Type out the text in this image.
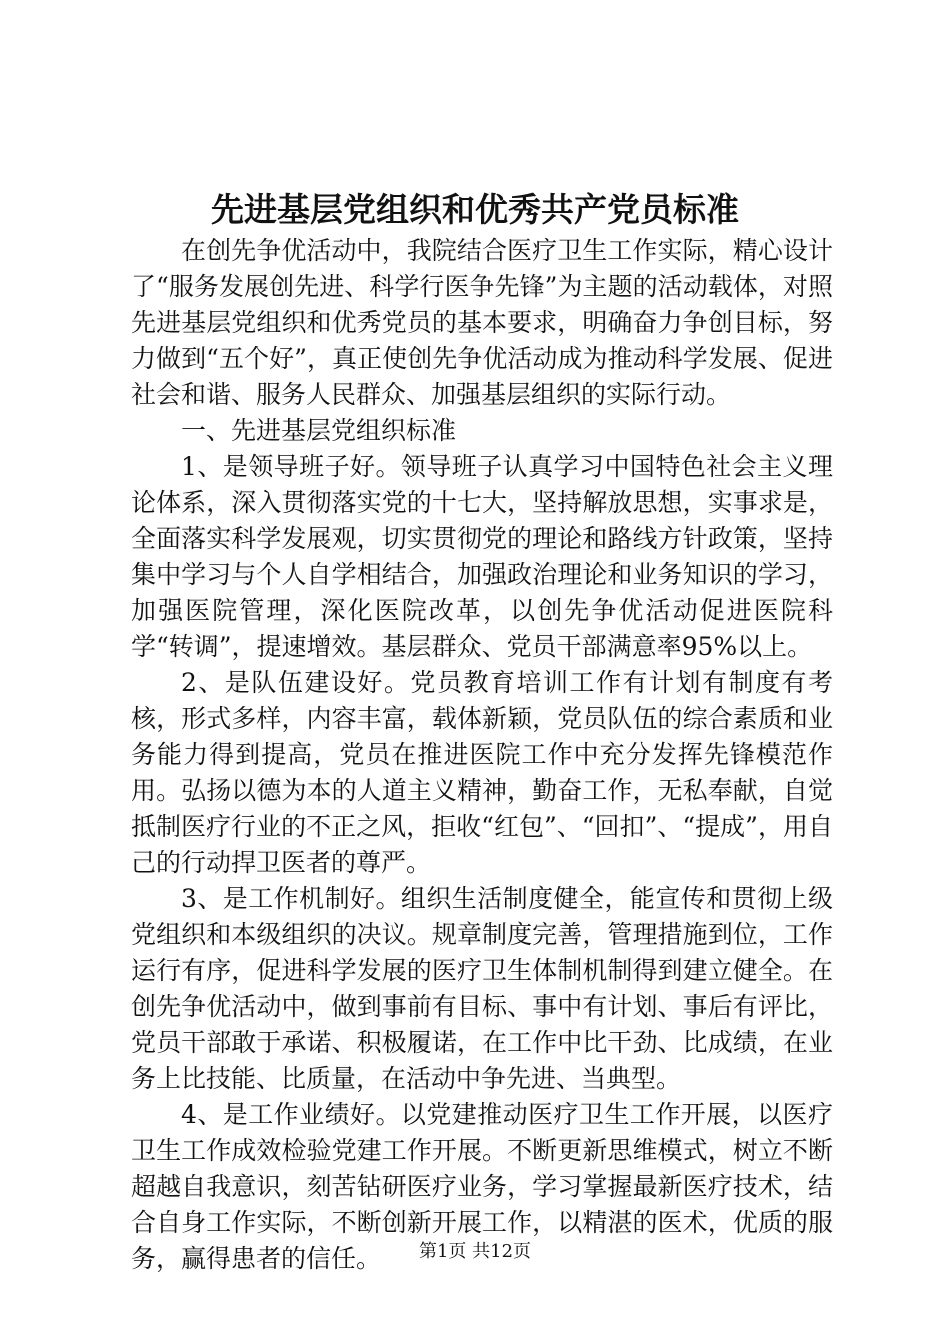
先进基层党组织和优秀共产党员标准

在创先争优活动中，我院结合医疗卫生工作实际，精心设计了“服务发展创先进、科学行医争先锋”为主题的活动载体，对照先进基层党组织和优秀党员的基本要求，明确奋力争创目标，努力做到“五个好”，真正使创先争优活动成为推动科学发展、促进社会和谐、服务人民群众、加强基层组织的实际行动。

一、先进基层党组织标准

1、是领导班子好。领导班子认真学习中国特色社会主义理论体系，深入贯彻落实党的十七大，坚持解放思想，实事求是，全面落实科学发展观，切实贯彻党的理论和路线方针政策，坚持集中学习与个人自学相结合，加强政治理论和业务知识的学习，加强医院管理，深化医院改革，以创先争优活动促进医院科学“转调”，提速增效。基层群众、党员干部满意率95%以上。

2、是队伍建设好。党员教育培训工作有计划有制度有考核，形式多样，内容丰富，载体新颖，党员队伍的综合素质和业务能力得到提高，党员在推进医院工作中充分发挥先锋模范作用。弘扬以德为本的人道主义精神，勤奋工作，无私奉献，自觉抵制医疗行业的不正之风，拒收“红包”、“回扣”、“提成”，用自己的行动捍卫医者的尊严。

3、是工作机制好。组织生活制度健全，能宣传和贯彻上级党组织和本级组织的决议。规章制度完善，管理措施到位，工作运行有序，促进科学发展的医疗卫生体制机制得到建立健全。在创先争优活动中，做到事前有目标、事中有计划、事后有评比，党员干部敢于承诺、积极履诺，在工作中比干劲、比成绩，在业务上比技能、比质量，在活动中争先进、当典型。

4、是工作业绩好。以党建推动医疗卫生工作开展，以医疗卫生工作成效检验党建工作开展。不断更新思维模式，树立不断超越自我意识，刻苦钻研医疗业务，学习掌握最新医疗技术，结合自身工作实际，不断创新开展工作，以精湛的医术，优质的服务，赢得患者的信任。	第1页 共12页
